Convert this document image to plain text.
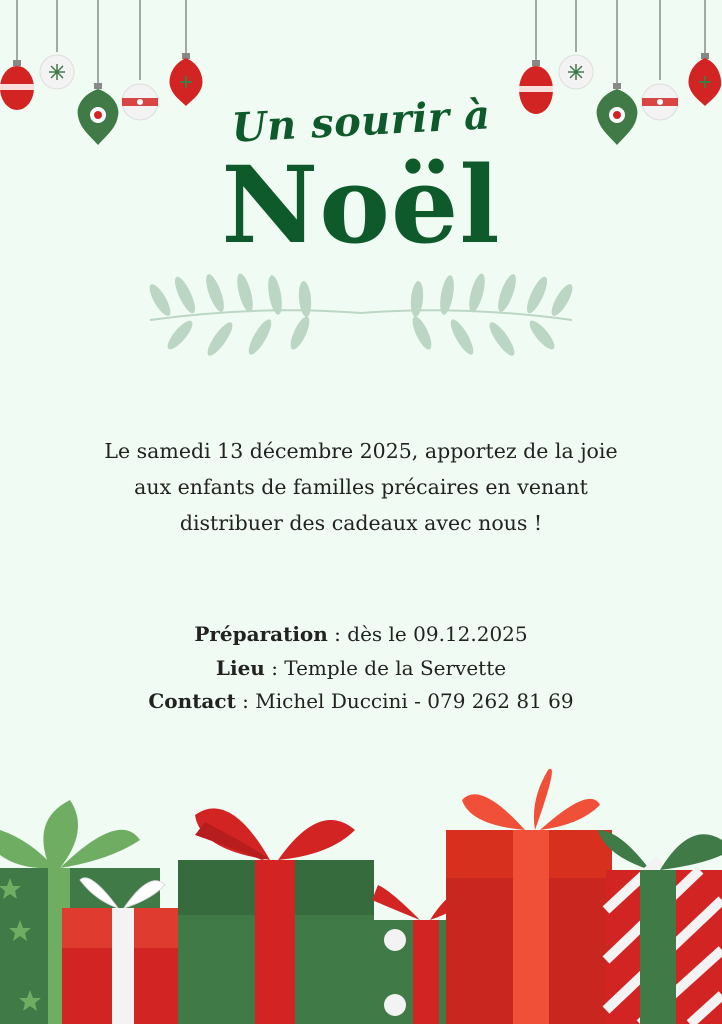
Un sourir à
Noël
Le samedi 13 décembre 2025, apportez de la joie aux enfants de familles précaires en venant distribuer des cadeaux avec nous !
Préparation : dès le 09.12.2025
Lieu : Temple de la Servette
Contact : Michel Duccini - 079 262 81 69
